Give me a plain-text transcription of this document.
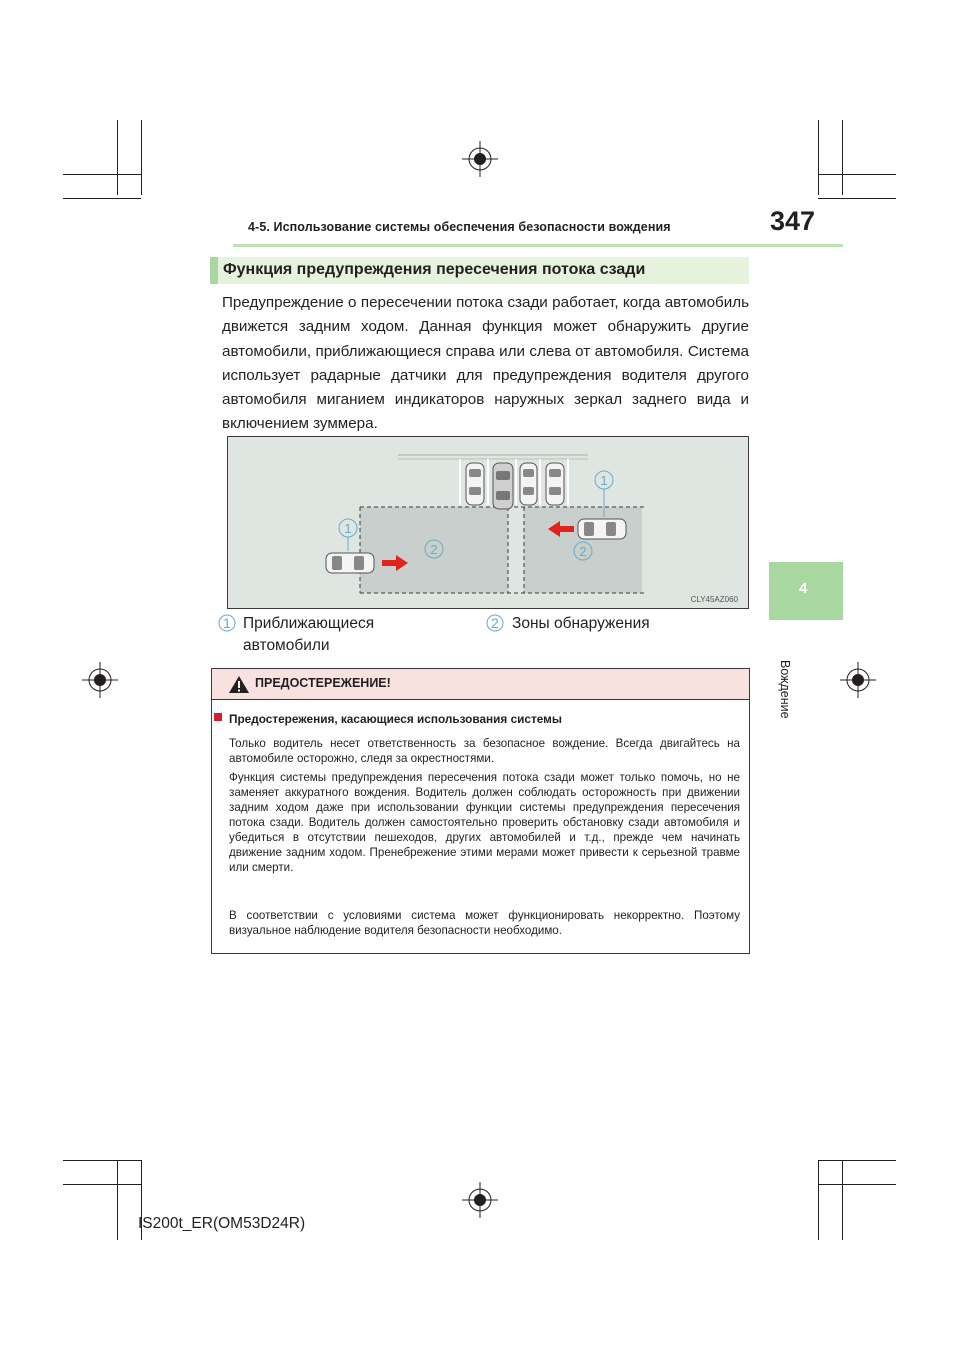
4-5. Использование системы обеспечения безопасности вождения	347
4
Вождение
Функция предупреждения пересечения потока сзади

Предупреждение о пересечении потока сзади работает, когда автомобиль движется задним ходом. Данная функция может обнаружить другие автомобили, приближающиеся справа или слева от автомобиля. Система использует радарные датчики для предупреждения водителя другого автомобиля миганием индикаторов наружных зеркал заднего вида и включением зуммера.

1
1
2	2
CLY45AZ060
1 Приближающиеся автомобили
2 Зоны обнаружения
ПРЕДОСТЕРЕЖЕНИЕ!
Предостережения, касающиеся использования системы

Только водитель несет ответственность за безопасное вождение. Всегда двигайтесь на автомобиле осторожно, следя за окрестностями.

Функция системы предупреждения пересечения потока сзади может только помочь, но не заменяет аккуратного вождения. Водитель должен соблюдать осторожность при движении задним ходом даже при использовании функции системы предупреждения пересечения потока сзади. Водитель должен самостоятельно проверить обстановку сзади автомобиля и убедиться в отсутствии пешеходов, других автомобилей и т.д., прежде чем начинать движение задним ходом. Пренебрежение этими мерами может привести к серьезной травме или смерти.

В соответствии с условиями система может функционировать некорректно. Поэтому визуальное наблюдение водителя безопасности необходимо.

IS200t_ER(OM53D24R)
